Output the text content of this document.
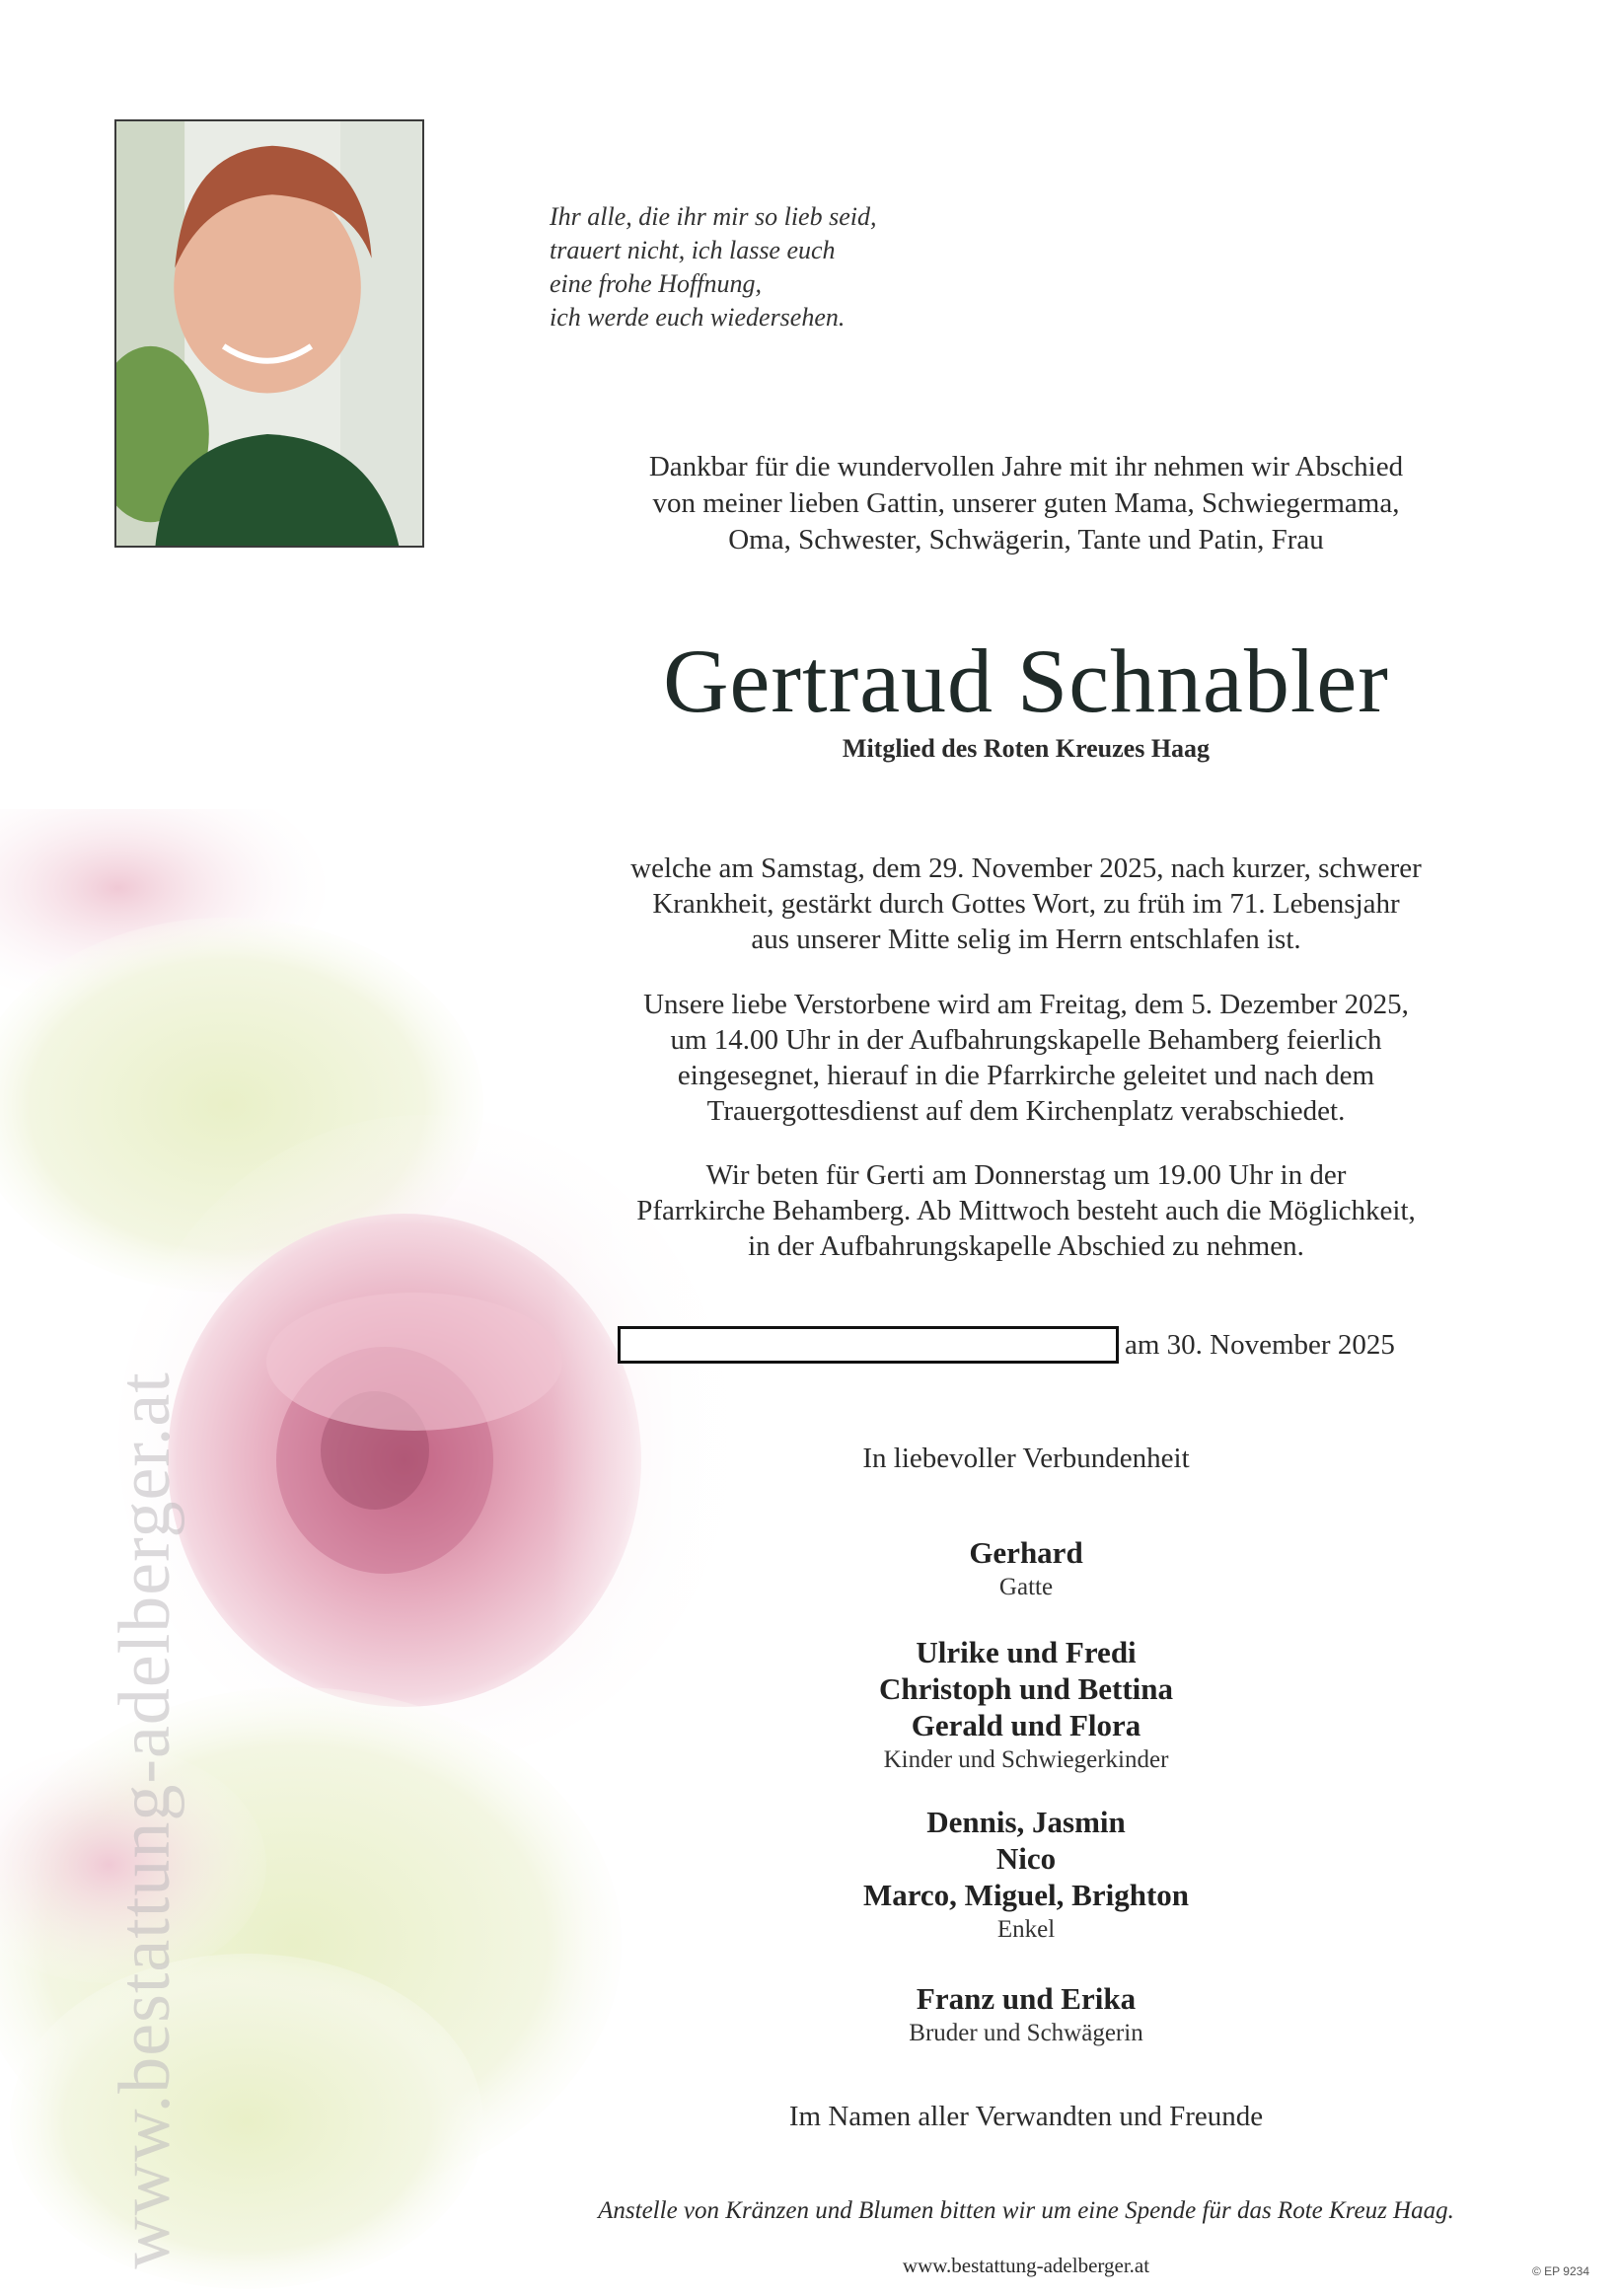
www.bestattung-adelberger.at
Ihr alle, die ihr mir so lieb seid,
trauert nicht, ich lasse euch
eine frohe Hoffnung,
ich werde euch wiedersehen.
Dankbar für die wundervollen Jahre mit ihr nehmen wir Abschied
von meiner lieben Gattin, unserer guten Mama, Schwiegermama,
Oma, Schwester, Schwägerin, Tante und Patin, Frau
Gertraud Schnabler
Mitglied des Roten Kreuzes Haag
welche am Samstag, dem 29. November 2025, nach kurzer, schwerer
Krankheit, gestärkt durch Gottes Wort, zu früh im 71. Lebensjahr
aus unserer Mitte selig im Herrn entschlafen ist.
Unsere liebe Verstorbene wird am Freitag, dem 5. Dezember 2025,
um 14.00 Uhr in der Aufbahrungskapelle Behamberg feierlich
eingesegnet, hierauf in die Pfarrkirche geleitet und nach dem
Trauergottesdienst auf dem Kirchenplatz verabschiedet.
Wir beten für Gerti am Donnerstag um 19.00 Uhr in der
Pfarrkirche Behamberg. Ab Mittwoch besteht auch die Möglichkeit,
in der Aufbahrungskapelle Abschied zu nehmen.
am 30. November 2025
In liebevoller Verbundenheit
Gerhard
Gatte
Ulrike und Fredi
Christoph und Bettina
Gerald und Flora
Kinder und Schwiegerkinder
Dennis, Jasmin
Nico
Marco, Miguel, Brighton
Enkel
Franz und Erika
Bruder und Schwägerin
Im Namen aller Verwandten und Freunde
Anstelle von Kränzen und Blumen bitten wir um eine Spende für das Rote Kreuz Haag.
www.bestattung-adelberger.at	© EP 9234
